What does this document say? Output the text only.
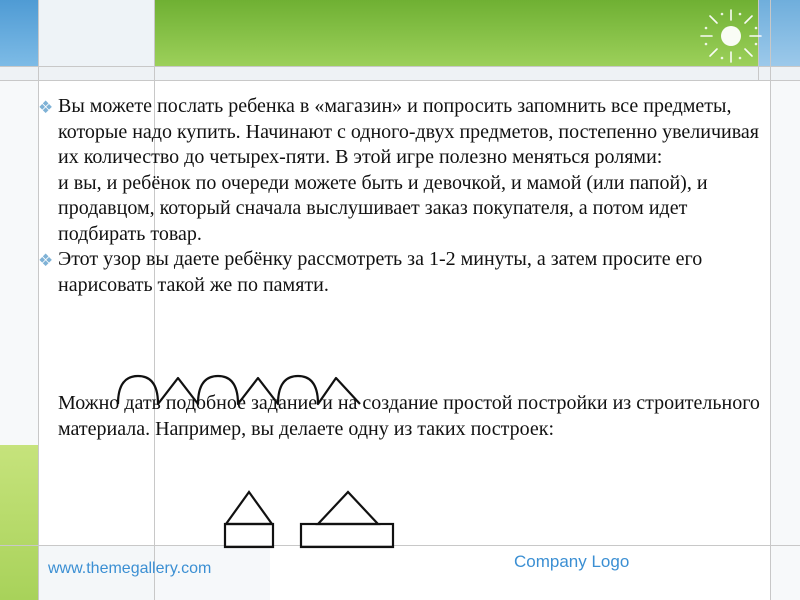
❖ Вы можете послать ребенка в «магазин» и попросить запомнить все предметы, которые надо купить. Начинают с одного-двух предметов, постепенно увеличивая их количество до четырех-пяти. В этой игре полезно меняться ролями:
и вы, и ребёнок по очереди можете быть и девочкой, и мамой (или папой), и продавцом, который сначала выслушивает заказ покупателя, а потом идет подбирать товар.

❖ Этот узор вы даете ребёнку рассмотреть за 1-2 минуты, а затем просите его нарисовать такой же по памяти.

Можно дать подобное задание и на создание простой постройки из строительного материала. Например, вы делаете одну из таких построек:

www.themegallery.com	Company Logo
